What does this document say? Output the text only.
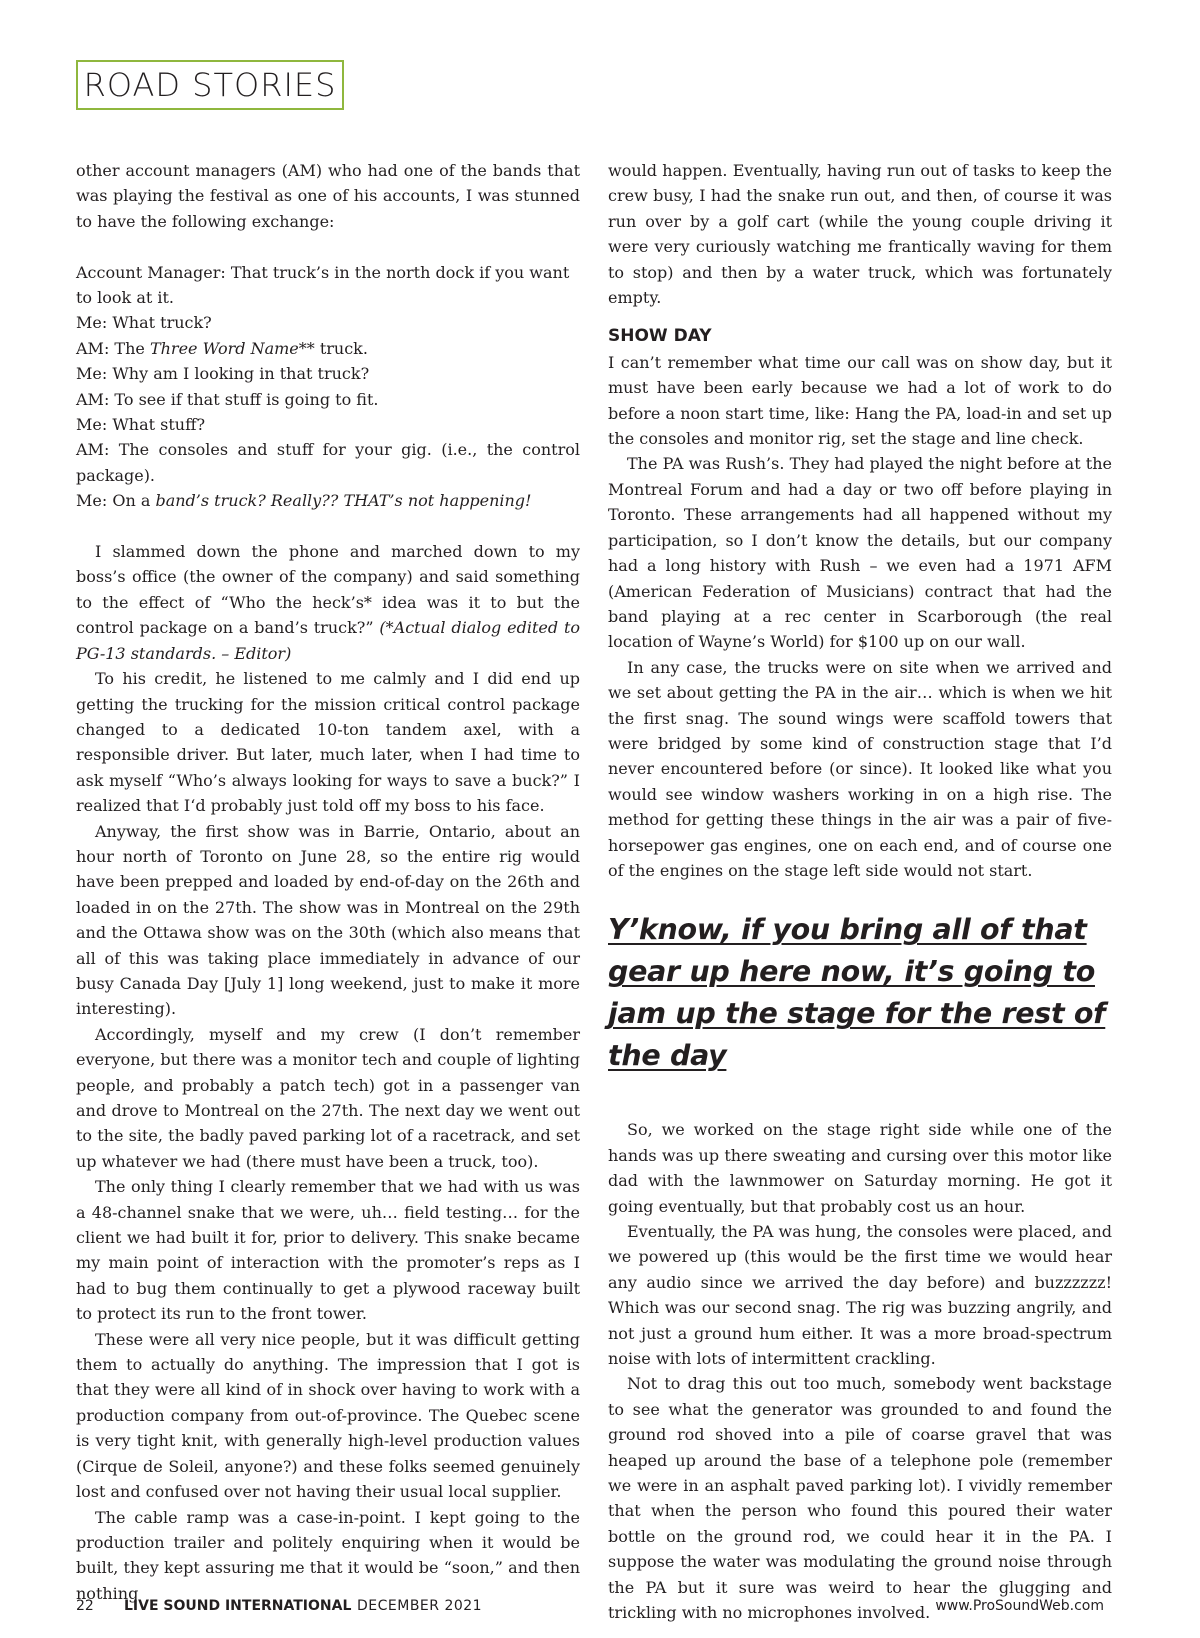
ROAD STORIES

other account managers (AM) who had one of the bands that was playing the festival as one of his accounts, I was stunned to have the following exchange:

Account Manager: That truck’s in the north dock if you want to look at it.

Me: What truck?

AM: The Three Word Name** truck.

Me: Why am I looking in that truck?

AM: To see if that stuff is going to fit.

Me: What stuff?

AM: The consoles and stuff for your gig. (i.e., the control package).

Me: On a band’s truck? Really?? THAT’s not happening!

I slammed down the phone and marched down to my boss’s office (the owner of the company) and said something to the effect of “Who the heck’s* idea was it to but the control package on a band’s truck?” (*Actual dialog edited to PG-13 standards. – Editor)

To his credit, he listened to me calmly and I did end up getting the trucking for the mission critical control package changed to a dedicated 10-ton tandem axel, with a responsible driver. But later, much later, when I had time to ask myself “Who’s always looking for ways to save a buck?” I realized that I‘d probably just told off my boss to his face.

Anyway, the first show was in Barrie, Ontario, about an hour north of Toronto on June 28, so the entire rig would have been prepped and loaded by end-of-day on the 26th and loaded in on the 27th. The show was in Montreal on the 29th and the Ottawa show was on the 30th (which also means that all of this was taking place immediately in advance of our busy Canada Day [July 1] long weekend, just to make it more interesting).

Accordingly, myself and my crew (I don’t remember everyone, but there was a monitor tech and couple of lighting people, and probably a patch tech) got in a passenger van and drove to Montreal on the 27th. The next day we went out to the site, the badly paved parking lot of a racetrack, and set up whatever we had (there must have been a truck, too).

The only thing I clearly remember that we had with us was a 48-channel snake that we were, uh… field testing… for the client we had built it for, prior to delivery. This snake became my main point of interaction with the promoter’s reps as I had to bug them continually to get a plywood raceway built to protect its run to the front tower.

These were all very nice people, but it was difficult getting them to actually do anything. The impression that I got is that they were all kind of in shock over having to work with a production company from out-of-province. The Quebec scene is very tight knit, with generally high-level production values (Cirque de Soleil, anyone?) and these folks seemed genuinely lost and confused over not having their usual local supplier.

The cable ramp was a case-in-point. I kept going to the production trailer and politely enquiring when it would be built, they kept assuring me that it would be “soon,” and then nothing

would happen. Eventually, having run out of tasks to keep the crew busy, I had the snake run out, and then, of course it was run over by a golf cart (while the young couple driving it were very curiously watching me frantically waving for them to stop) and then by a water truck, which was fortunately empty.

SHOW DAY

I can’t remember what time our call was on show day, but it must have been early because we had a lot of work to do before a noon start time, like: Hang the PA, load-in and set up the consoles and monitor rig, set the stage and line check.

The PA was Rush’s. They had played the night before at the Montreal Forum and had a day or two off before playing in Toronto. These arrangements had all happened without my participation, so I don’t know the details, but our company had a long history with Rush – we even had a 1971 AFM (American Federation of Musicians) contract that had the band playing at a rec center in Scarborough (the real location of Wayne’s World) for $100 up on our wall.

In any case, the trucks were on site when we arrived and we set about getting the PA in the air… which is when we hit the first snag. The sound wings were scaffold towers that were bridged by some kind of construction stage that I’d never encountered before (or since). It looked like what you would see window washers working in on a high rise. The method for getting these things in the air was a pair of five-horsepower gas engines, one on each end, and of course one of the engines on the stage left side would not start.

Y’know, if you bring all of that gear up here now, it’s going to jam up the stage for the rest of the day

So, we worked on the stage right side while one of the hands was up there sweating and cursing over this motor like dad with the lawnmower on Saturday morning. He got it going eventually, but that probably cost us an hour.

Eventually, the PA was hung, the consoles were placed, and we powered up (this would be the first time we would hear any audio since we arrived the day before) and buzzzzzz! Which was our second snag. The rig was buzzing angrily, and not just a ground hum either. It was a more broad-spectrum noise with lots of intermittent crackling.

Not to drag this out too much, somebody went backstage to see what the generator was grounded to and found the ground rod shoved into a pile of coarse gravel that was heaped up around the base of a telephone pole (remember we were in an asphalt paved parking lot). I vividly remember that when the person who found this poured their water bottle on the ground rod, we could hear it in the PA. I suppose the water was modulating the ground noise through the PA but it sure was weird to hear the glugging and trickling with no microphones involved.

22 LIVE SOUND INTERNATIONAL DECEMBER 2021	www.ProSoundWeb.com
